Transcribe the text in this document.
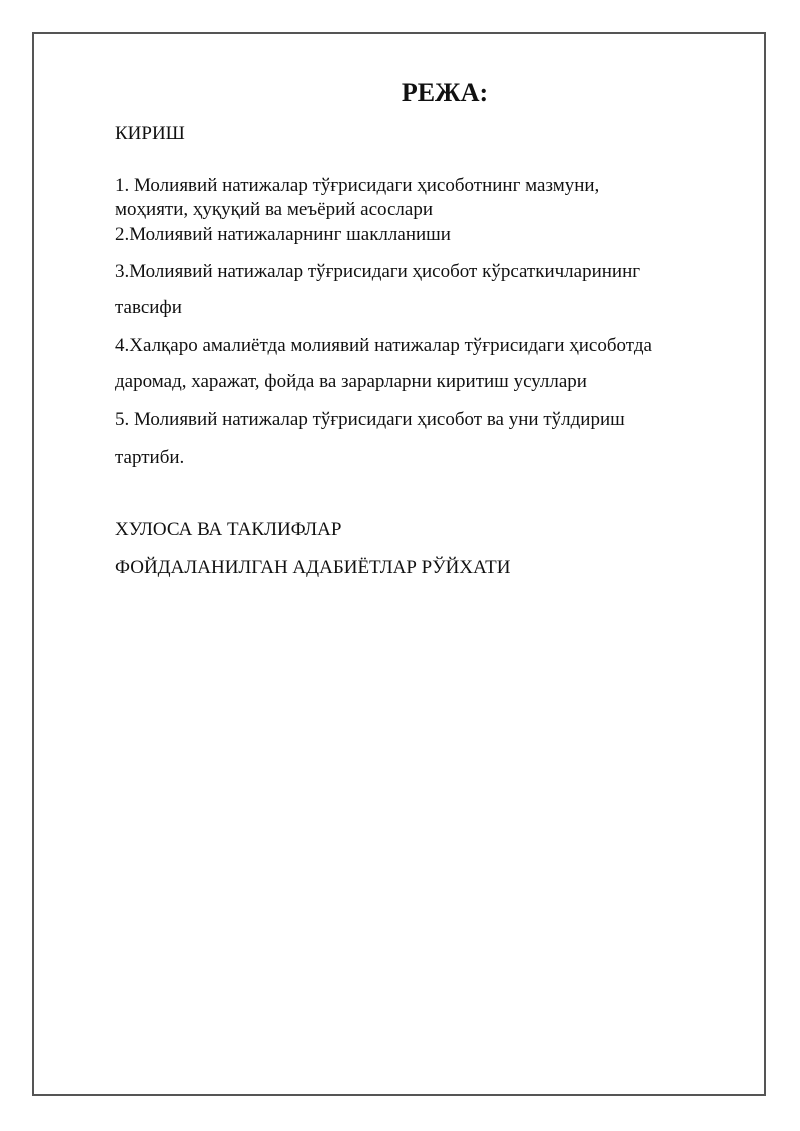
РЕЖА:

КИРИШ

1. Молиявий натижалар тўғрисидаги ҳисоботнинг мазмуни,

моҳияти, ҳуқуқий ва меъёрий асослари

2.Молиявий натижаларнинг шаклланиши

3.Молиявий натижалар тўғрисидаги ҳисобот кўрсаткичларининг

тавсифи

4.Халқаро амалиётда молиявий натижалар тўғрисидаги ҳисоботда

даромад, харажат, фойда ва зарарларни киритиш усуллари

5. Молиявий натижалар тўғрисидаги ҳисобот ва уни тўлдириш

тартиби.

ХУЛОСА ВА ТАКЛИФЛАР

ФОЙДАЛАНИЛГАН АДАБИЁТЛАР РЎЙХАТИ
